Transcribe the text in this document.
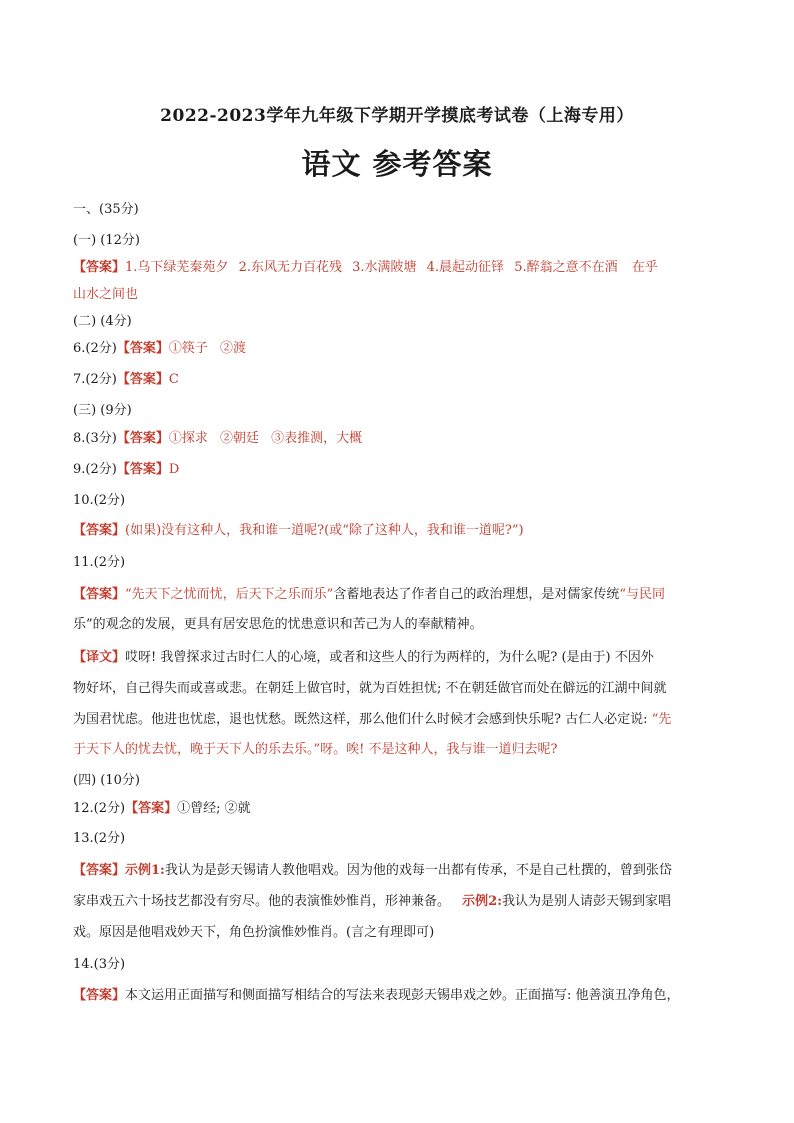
2022-2023学年九年级下学期开学摸底考试卷（上海专用）
语文 参考答案
一、(35分)
(一) (12分)
【答案】1.乌下绿芜秦苑夕 2.东风无力百花残 3.水满陂塘 4.晨起动征铎 5.醉翁之意不在酒 在乎
山水之间也
(二) (4分)
6.(2分)【答案】①筷子 ②渡
7.(2分)【答案】C
(三) (9分)
8.(3分)【答案】①探求 ②朝廷 ③表推测，大概
9.(2分)【答案】D
10.(2分)
【答案】(如果)没有这种人，我和谁一道呢?(或“除了这种人，我和谁一道呢?”)
11.(2分)
【答案】“先天下之忧而忧，后天下之乐而乐”含蓄地表达了作者自己的政治理想，是对儒家传统“与民同
乐”的观念的发展，更具有居安思危的忧患意识和苦己为人的奉献精神。
【译文】哎呀! 我曾探求过古时仁人的心境，或者和这些人的行为两样的，为什么呢? (是由于) 不因外
物好坏，自己得失而或喜或悲。在朝廷上做官时，就为百姓担忧; 不在朝廷做官而处在僻远的江湖中间就
为国君忧虑。他进也忧虑，退也忧愁。既然这样，那么他们什么时候才会感到快乐呢? 古仁人必定说: “先
于天下人的忧去忧，晚于天下人的乐去乐。”呀。唉! 不是这种人，我与谁一道归去呢?
(四) (10分)
12.(2分)【答案】①曾经; ②就
13.(2分)
【答案】示例1:我认为是彭天锡请人教他唱戏。因为他的戏每一出都有传承，不是自己杜撰的，曾到张岱
家串戏五六十场技艺都没有穷尽。他的表演惟妙惟肖，形神兼备。 示例2:我认为是别人请彭天锡到家唱
戏。原因是他唱戏妙天下，角色扮演惟妙惟肖。(言之有理即可)
14.(3分)
【答案】本文运用正面描写和侧面描写相结合的写法来表现彭天锡串戏之妙。正面描写: 他善演丑净角色，
